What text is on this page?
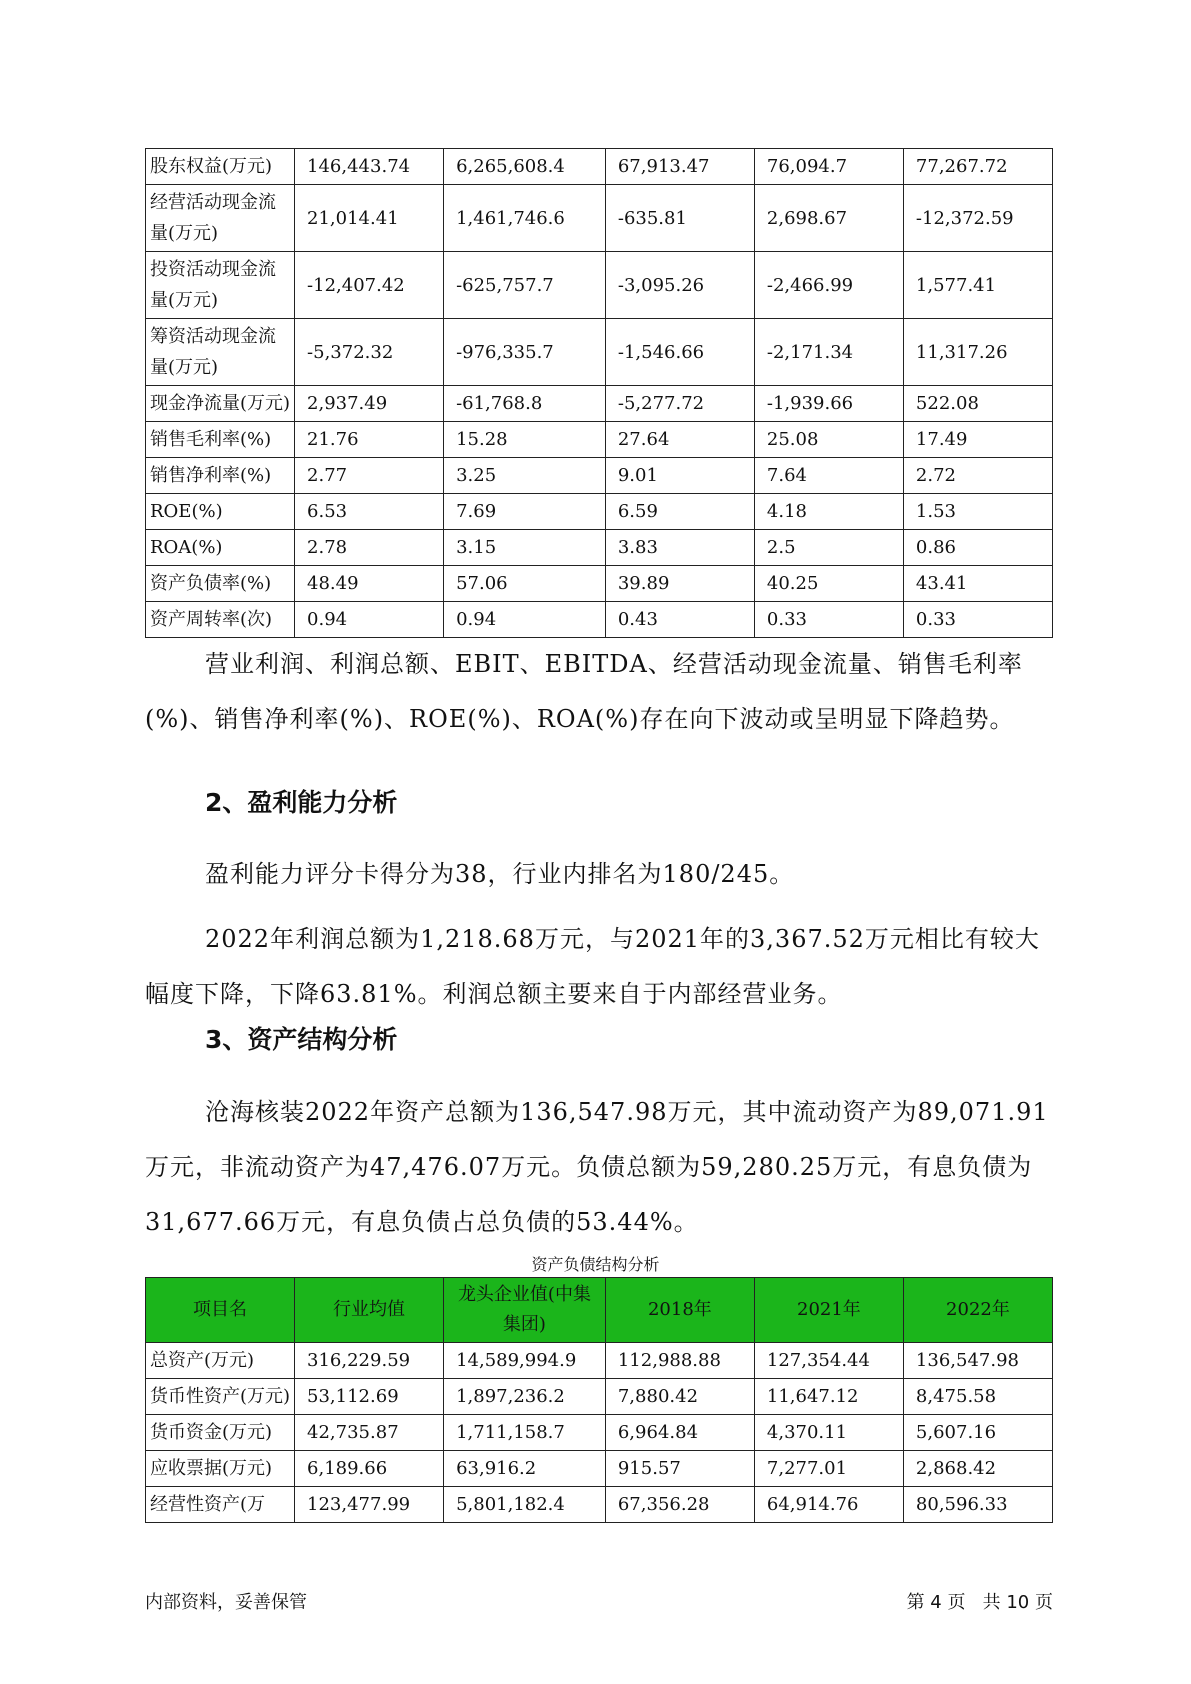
股东权益(万元)	146,443.74	6,265,608.4	67,913.47	76,094.7	77,267.72
经营活动现金流量(万元)	21,014.41	1,461,746.6	-635.81	2,698.67	-12,372.59
投资活动现金流量(万元)	-12,407.42	-625,757.7	-3,095.26	-2,466.99	1,577.41
筹资活动现金流量(万元)	-5,372.32	-976,335.7	-1,546.66	-2,171.34	11,317.26
现金净流量(万元)	2,937.49	-61,768.8	-5,277.72	-1,939.66	522.08
销售毛利率(%)	21.76	15.28	27.64	25.08	17.49
销售净利率(%)	2.77	3.25	9.01	7.64	2.72
ROE(%)	6.53	7.69	6.59	4.18	1.53
ROA(%)	2.78	3.15	3.83	2.5	0.86
资产负债率(%)	48.49	57.06	39.89	40.25	43.41
资产周转率(次)	0.94	0.94	0.43	0.33	0.33

营业利润、利润总额、EBIT、EBITDA、经营活动现金流量、销售毛利率(%)、销售净利率(%)、ROE(%)、ROA(%)存在向下波动或呈明显下降趋势。

2、盈利能力分析

盈利能力评分卡得分为38，行业内排名为180/245。

2022年利润总额为1,218.68万元，与2021年的3,367.52万元相比有较大幅度下降，下降63.81%。利润总额主要来自于内部经营业务。

3、资产结构分析

沧海核装2022年资产总额为136,547.98万元，其中流动资产为89,071.91万元，非流动资产为47,476.07万元。负债总额为59,280.25万元，有息负债为31,677.66万元，有息负债占总负债的53.44%。

资产负债结构分析
项目名	行业均值	龙头企业值(中集集团)	2018年	2021年	2022年
总资产(万元)	316,229.59	14,589,994.9	112,988.88	127,354.44	136,547.98
货币性资产(万元)	53,112.69	1,897,236.2	7,880.42	11,647.12	8,475.58
货币资金(万元)	42,735.87	1,711,158.7	6,964.84	4,370.11	5,607.16
应收票据(万元)	6,189.66	63,916.2	915.57	7,277.01	2,868.42
经营性资产(万	123,477.99	5,801,182.4	67,356.28	64,914.76	80,596.33
内部资料，妥善保管	第 4 页   共 10 页
